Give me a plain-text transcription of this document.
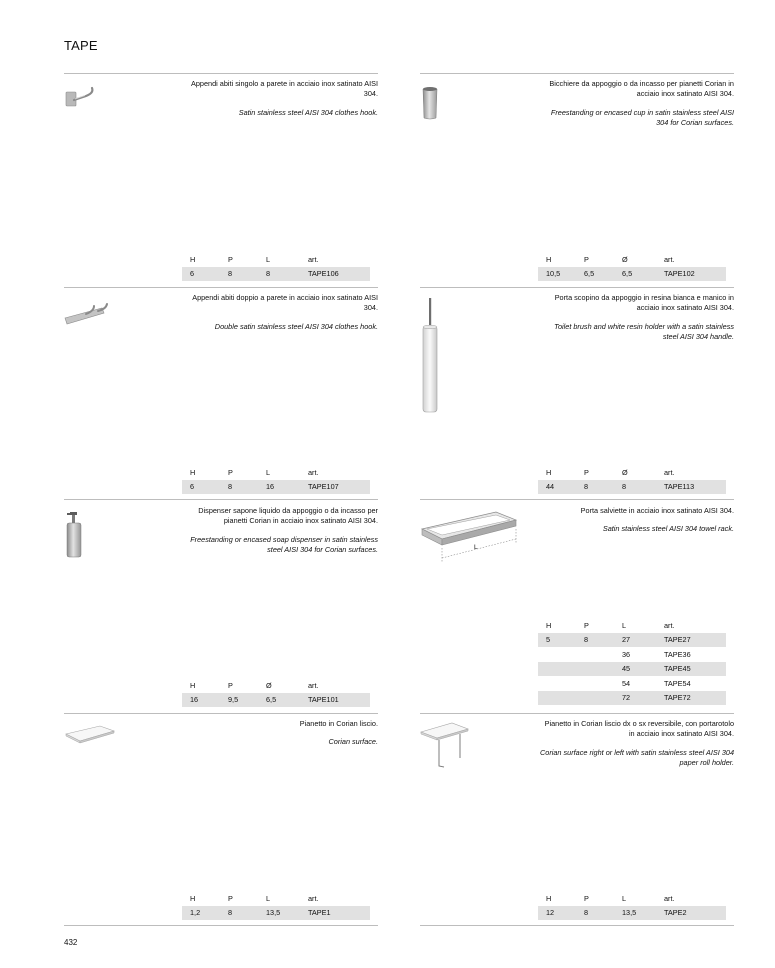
TAPE

Appendi abiti singolo a parete in acciaio inox satinato AISI 304.

Satin stainless steel AISI 304 clothes hook.

H	P	L	art.
6	8	8	TAPE106

Bicchiere da appoggio o da incasso per pianetti Corian in acciaio inox satinato AISI 304.

Freestanding or encased cup in satin stainless steel AISI 304 for Corian surfaces.

H	P	Ø	art.
10,5	6,5	6,5	TAPE102

Appendi abiti doppio a parete in acciaio inox satinato AISI 304.

Double satin stainless steel AISI 304 clothes hook.

H	P	L	art.
6	8	16	TAPE107

Porta scopino da appoggio in resina bianca e manico in acciaio inox satinato AISI 304.

Toilet brush and white resin holder with a satin stainless steel AISI 304 handle.

H	P	Ø	art.
44	8	8	TAPE113

Dispenser sapone liquido da appoggio o da incasso per pianetti Corian in acciaio inox satinato AISI 304.

Freestanding or encased soap dispenser in satin stainless steel AISI 304 for Corian surfaces.

H	P	Ø	art.
16	9,5	6,5	TAPE101
L

Porta salviette in acciaio inox satinato AISI 304.

Satin stainless steel AISI 304 towel rack.

H	P	L	art.
5	8	27	TAPE27
		36	TAPE36
		45	TAPE45
		54	TAPE54
		72	TAPE72

Pianetto in Corian liscio.

Corian surface.

H	P	L	art.
1,2	8	13,5	TAPE1

Pianetto in Corian liscio dx o sx reversibile, con portarotolo in acciaio inox satinato AISI 304.

Corian surface right or left with satin stainless steel AISI 304 paper roll holder.

H	P	L	art.
12	8	13,5	TAPE2
432
